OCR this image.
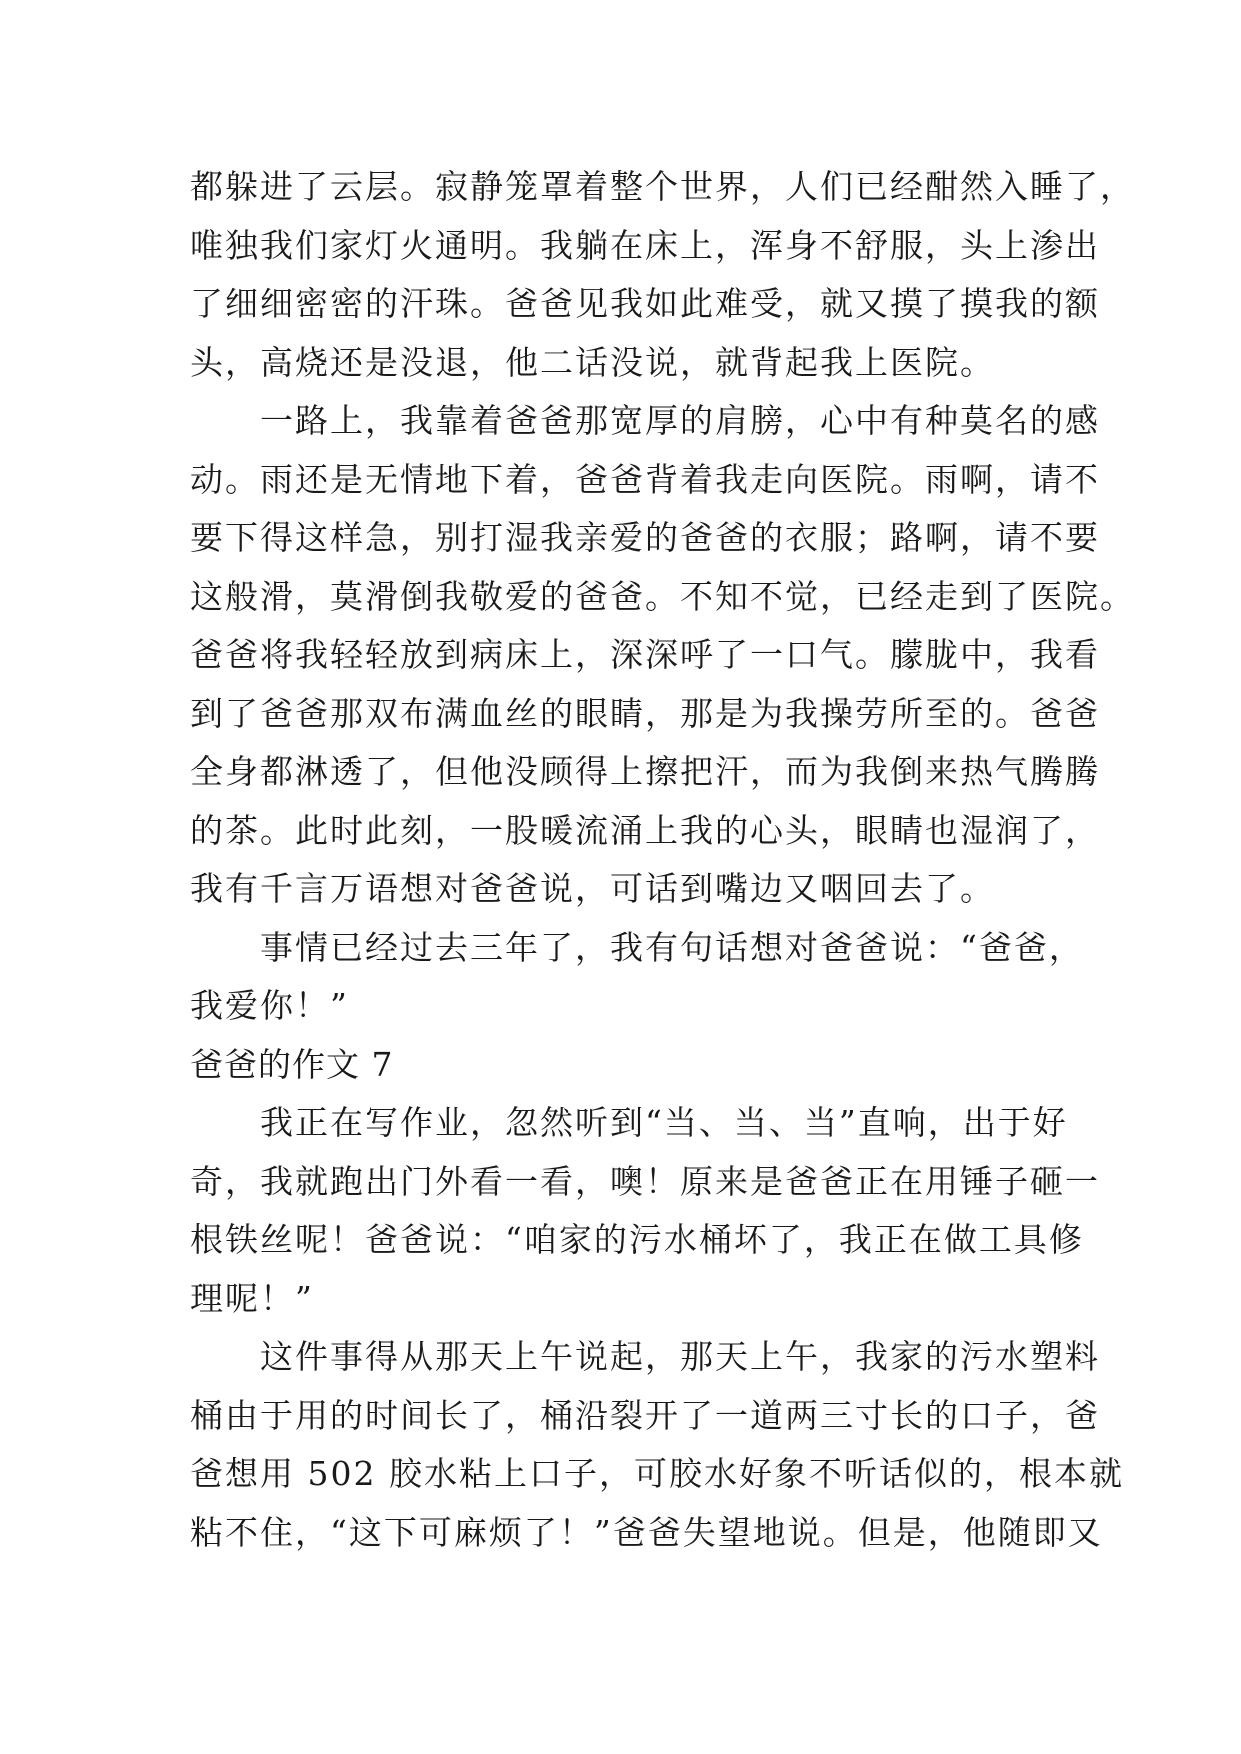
都躲进了云层。寂静笼罩着整个世界，人们已经酣然入睡了，
唯独我们家灯火通明。我躺在床上，浑身不舒服，头上渗出
了细细密密的汗珠。爸爸见我如此难受，就又摸了摸我的额
头，高烧还是没退，他二话没说，就背起我上医院。
一路上，我靠着爸爸那宽厚的肩膀，心中有种莫名的感
动。雨还是无情地下着，爸爸背着我走向医院。雨啊，请不
要下得这样急，别打湿我亲爱的爸爸的衣服；路啊，请不要
这般滑，莫滑倒我敬爱的爸爸。不知不觉，已经走到了医院。
爸爸将我轻轻放到病床上，深深呼了一口气。朦胧中，我看
到了爸爸那双布满血丝的眼睛，那是为我操劳所至的。爸爸
全身都淋透了，但他没顾得上擦把汗，而为我倒来热气腾腾
的茶。此时此刻，一股暖流涌上我的心头，眼睛也湿润了，
我有千言万语想对爸爸说，可话到嘴边又咽回去了。
事情已经过去三年了，我有句话想对爸爸说：“爸爸，
我爱你！”
爸爸的作文 7
我正在写作业，忽然听到“当、当、当”直响，出于好
奇，我就跑出门外看一看，噢！原来是爸爸正在用锤子砸一
根铁丝呢！爸爸说：“咱家的污水桶坏了，我正在做工具修
理呢！”
这件事得从那天上午说起，那天上午，我家的污水塑料
桶由于用的时间长了，桶沿裂开了一道两三寸长的口子，爸
爸想用 502 胶水粘上口子，可胶水好象不听话似的，根本就
粘不住，“这下可麻烦了！”爸爸失望地说。但是，他随即又
